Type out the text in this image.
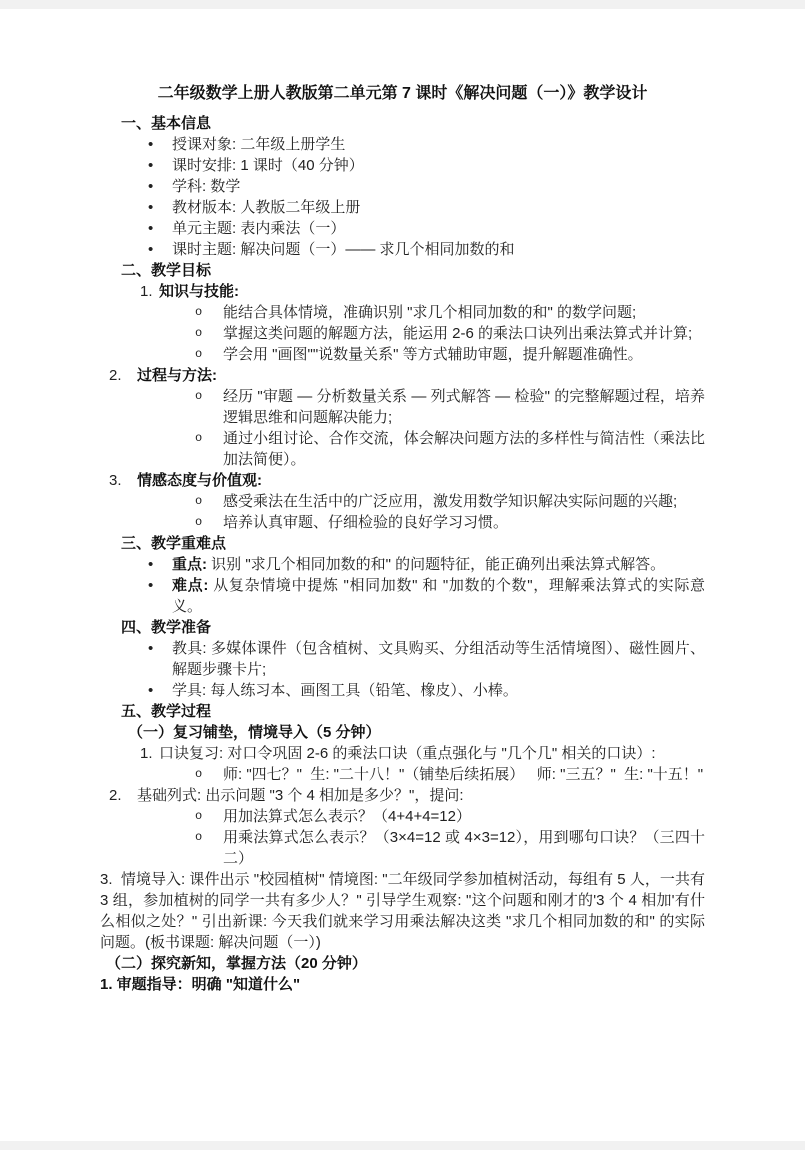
二年级数学上册人教版第二单元第 7 课时《解决问题（一）》教学设计
一、基本信息
•	授课对象: 二年级上册学生
•	课时安排: 1 课时（40 分钟）
•	学科: 数学
•	教材版本: 人教版二年级上册
•	单元主题: 表内乘法（一）
•	课时主题: 解决问题（一）—— 求几个相同加数的和
二、教学目标
1. 知识与技能:
o	能结合具体情境，准确识别 "求几个相同加数的和" 的数学问题;
o	掌握这类问题的解题方法，能运用 2-6 的乘法口诀列出乘法算式并计算;
o	学会用 "画图""说数量关系" 等方式辅助审题，提升解题准确性。
2.	过程与方法:
o	经历 "审题 — 分析数量关系 — 列式解答 — 检验" 的完整解题过程，培养逻辑思维和问题解决能力;
o	通过小组讨论、合作交流，体会解决问题方法的多样性与简洁性（乘法比加法简便）。
3.	情感态度与价值观:
o	感受乘法在生活中的广泛应用，激发用数学知识解决实际问题的兴趣;
o	培养认真审题、仔细检验的良好学习习惯。
三、教学重难点
•	重点: 识别 "求几个相同加数的和" 的问题特征，能正确列出乘法算式解答。
•	难点: 从复杂情境中提炼 "相同加数" 和 "加数的个数"，理解乘法算式的实际意义。
四、教学准备
•	教具: 多媒体课件（包含植树、文具购买、分组活动等生活情境图）、磁性圆片、解题步骤卡片;
•	学具: 每人练习本、画图工具（铅笔、橡皮）、小棒。
五、教学过程
（一）复习铺垫，情境导入（5 分钟）
1. 口诀复习: 对口令巩固 2-6 的乘法口诀（重点强化与 "几个几" 相关的口诀）:
o	师: "四七？"  生: "二十八！"（铺垫后续拓展）   师: "三五？"  生: "十五！"
2.	基础列式: 出示问题 "3 个 4 相加是多少？"，提问:
o	用加法算式怎么表示？（4+4+4=12）
o	用乘法算式怎么表示？（3×4=12 或 4×3=12），用到哪句口诀？（三四十二）
3.  情境导入: 课件出示 "校园植树" 情境图: "二年级同学参加植树活动，每组有 5 人，一共有 3 组，参加植树的同学一共有多少人？" 引导学生观察: "这个问题和刚才的'3 个 4 相加'有什么相似之处？" 引出新课: 今天我们就来学习用乘法解决这类 "求几个相同加数的和" 的实际问题。(板书课题: 解决问题（一）)
（二）探究新知，掌握方法（20 分钟）
1. 审题指导：明确 "知道什么"
